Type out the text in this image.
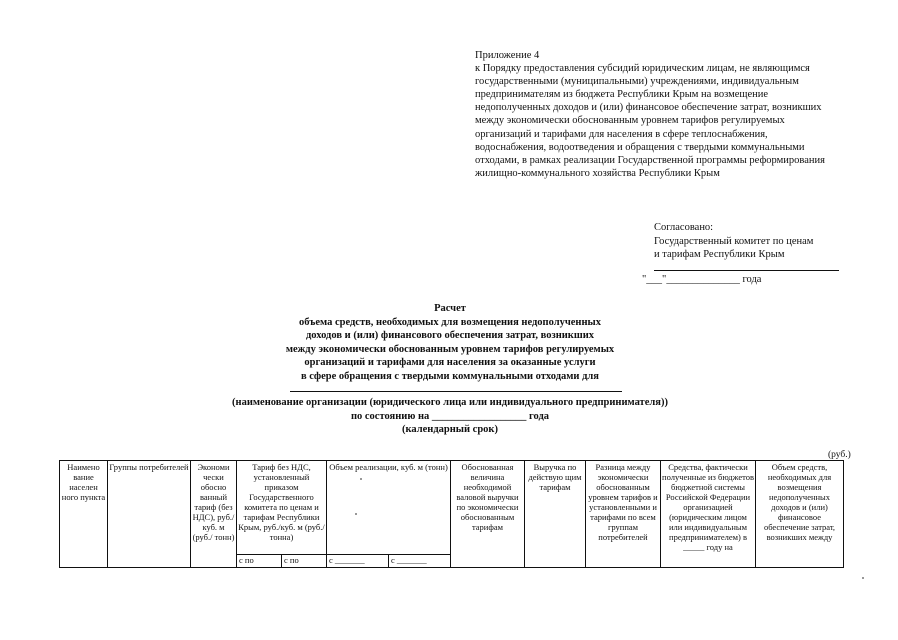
Приложение 4
к Порядку предоставления субсидий юридическим лицам, не являющимся
государственными (муниципальными) учреждениями, индивидуальным
предпринимателям из бюджета Республики Крым на возмещение
недополученных доходов и (или) финансовое обеспечение затрат, возникших
между экономически обоснованным уровнем тарифов регулируемых
организаций и тарифами для населения в сфере теплоснабжения,
водоснабжения, водоотведения и обращения с твердыми коммунальными
отходами, в рамках реализации Государственной программы реформирования
жилищно-коммунального хозяйства Республики Крым
Согласовано:
Государственный комитет по ценам
и тарифам Республики Крым
"___"______________ года
Расчет
объема средств, необходимых для возмещения недополученных
доходов и (или) финансового обеспечения затрат, возникших
между экономически обоснованным уровнем тарифов регулируемых
организаций и тарифами для населения за оказанные услуги
в сфере обращения с твердыми коммунальными отходами для
(наименование организации (юридического лица или индивидуального предпринимателя))
по состоянию на __________________ года
(календарный срок)
(руб.)
Наимено вание населен ного пункта	Группы потребителей	Экономи чески обосно ванный тариф (без НДС), руб./куб. м (руб./ тонн)	Тариф без НДС, установленный приказом Государственного комитета по ценам и тарифам Республики Крым, руб./куб. м (руб./тонна)		Объем реализации, куб. м (тонн)		Обоснованная величина необходимой валовой выручки по экономически обоснованным тарифам	Выручка по действую щим тарифам	Разница между экономически обоснованным уровнем тарифов и установленными и тарифами по всем группам потребителей	Средства, фактически полученные из бюджетов бюджетной системы Российской Федерации организацией (юридическим лицом или индивидуальным предпринимателем) в _____ году на	Объем средств, необходимых для возмещения недополученных доходов и (или) финансовое обеспечение затрат, возникших между
			с по	с по	с _______	с _______					
